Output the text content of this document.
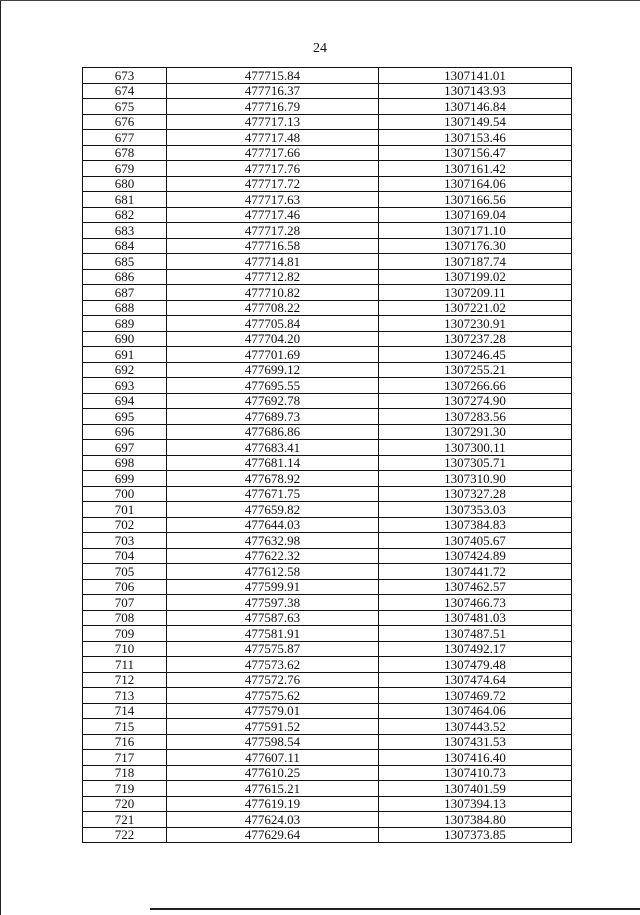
24
673	477715.84	1307141.01
674	477716.37	1307143.93
675	477716.79	1307146.84
676	477717.13	1307149.54
677	477717.48	1307153.46
678	477717.66	1307156.47
679	477717.76	1307161.42
680	477717.72	1307164.06
681	477717.63	1307166.56
682	477717.46	1307169.04
683	477717.28	1307171.10
684	477716.58	1307176.30
685	477714.81	1307187.74
686	477712.82	1307199.02
687	477710.82	1307209.11
688	477708.22	1307221.02
689	477705.84	1307230.91
690	477704.20	1307237.28
691	477701.69	1307246.45
692	477699.12	1307255.21
693	477695.55	1307266.66
694	477692.78	1307274.90
695	477689.73	1307283.56
696	477686.86	1307291.30
697	477683.41	1307300.11
698	477681.14	1307305.71
699	477678.92	1307310.90
700	477671.75	1307327.28
701	477659.82	1307353.03
702	477644.03	1307384.83
703	477632.98	1307405.67
704	477622.32	1307424.89
705	477612.58	1307441.72
706	477599.91	1307462.57
707	477597.38	1307466.73
708	477587.63	1307481.03
709	477581.91	1307487.51
710	477575.87	1307492.17
711	477573.62	1307479.48
712	477572.76	1307474.64
713	477575.62	1307469.72
714	477579.01	1307464.06
715	477591.52	1307443.52
716	477598.54	1307431.53
717	477607.11	1307416.40
718	477610.25	1307410.73
719	477615.21	1307401.59
720	477619.19	1307394.13
721	477624.03	1307384.80
722	477629.64	1307373.85
